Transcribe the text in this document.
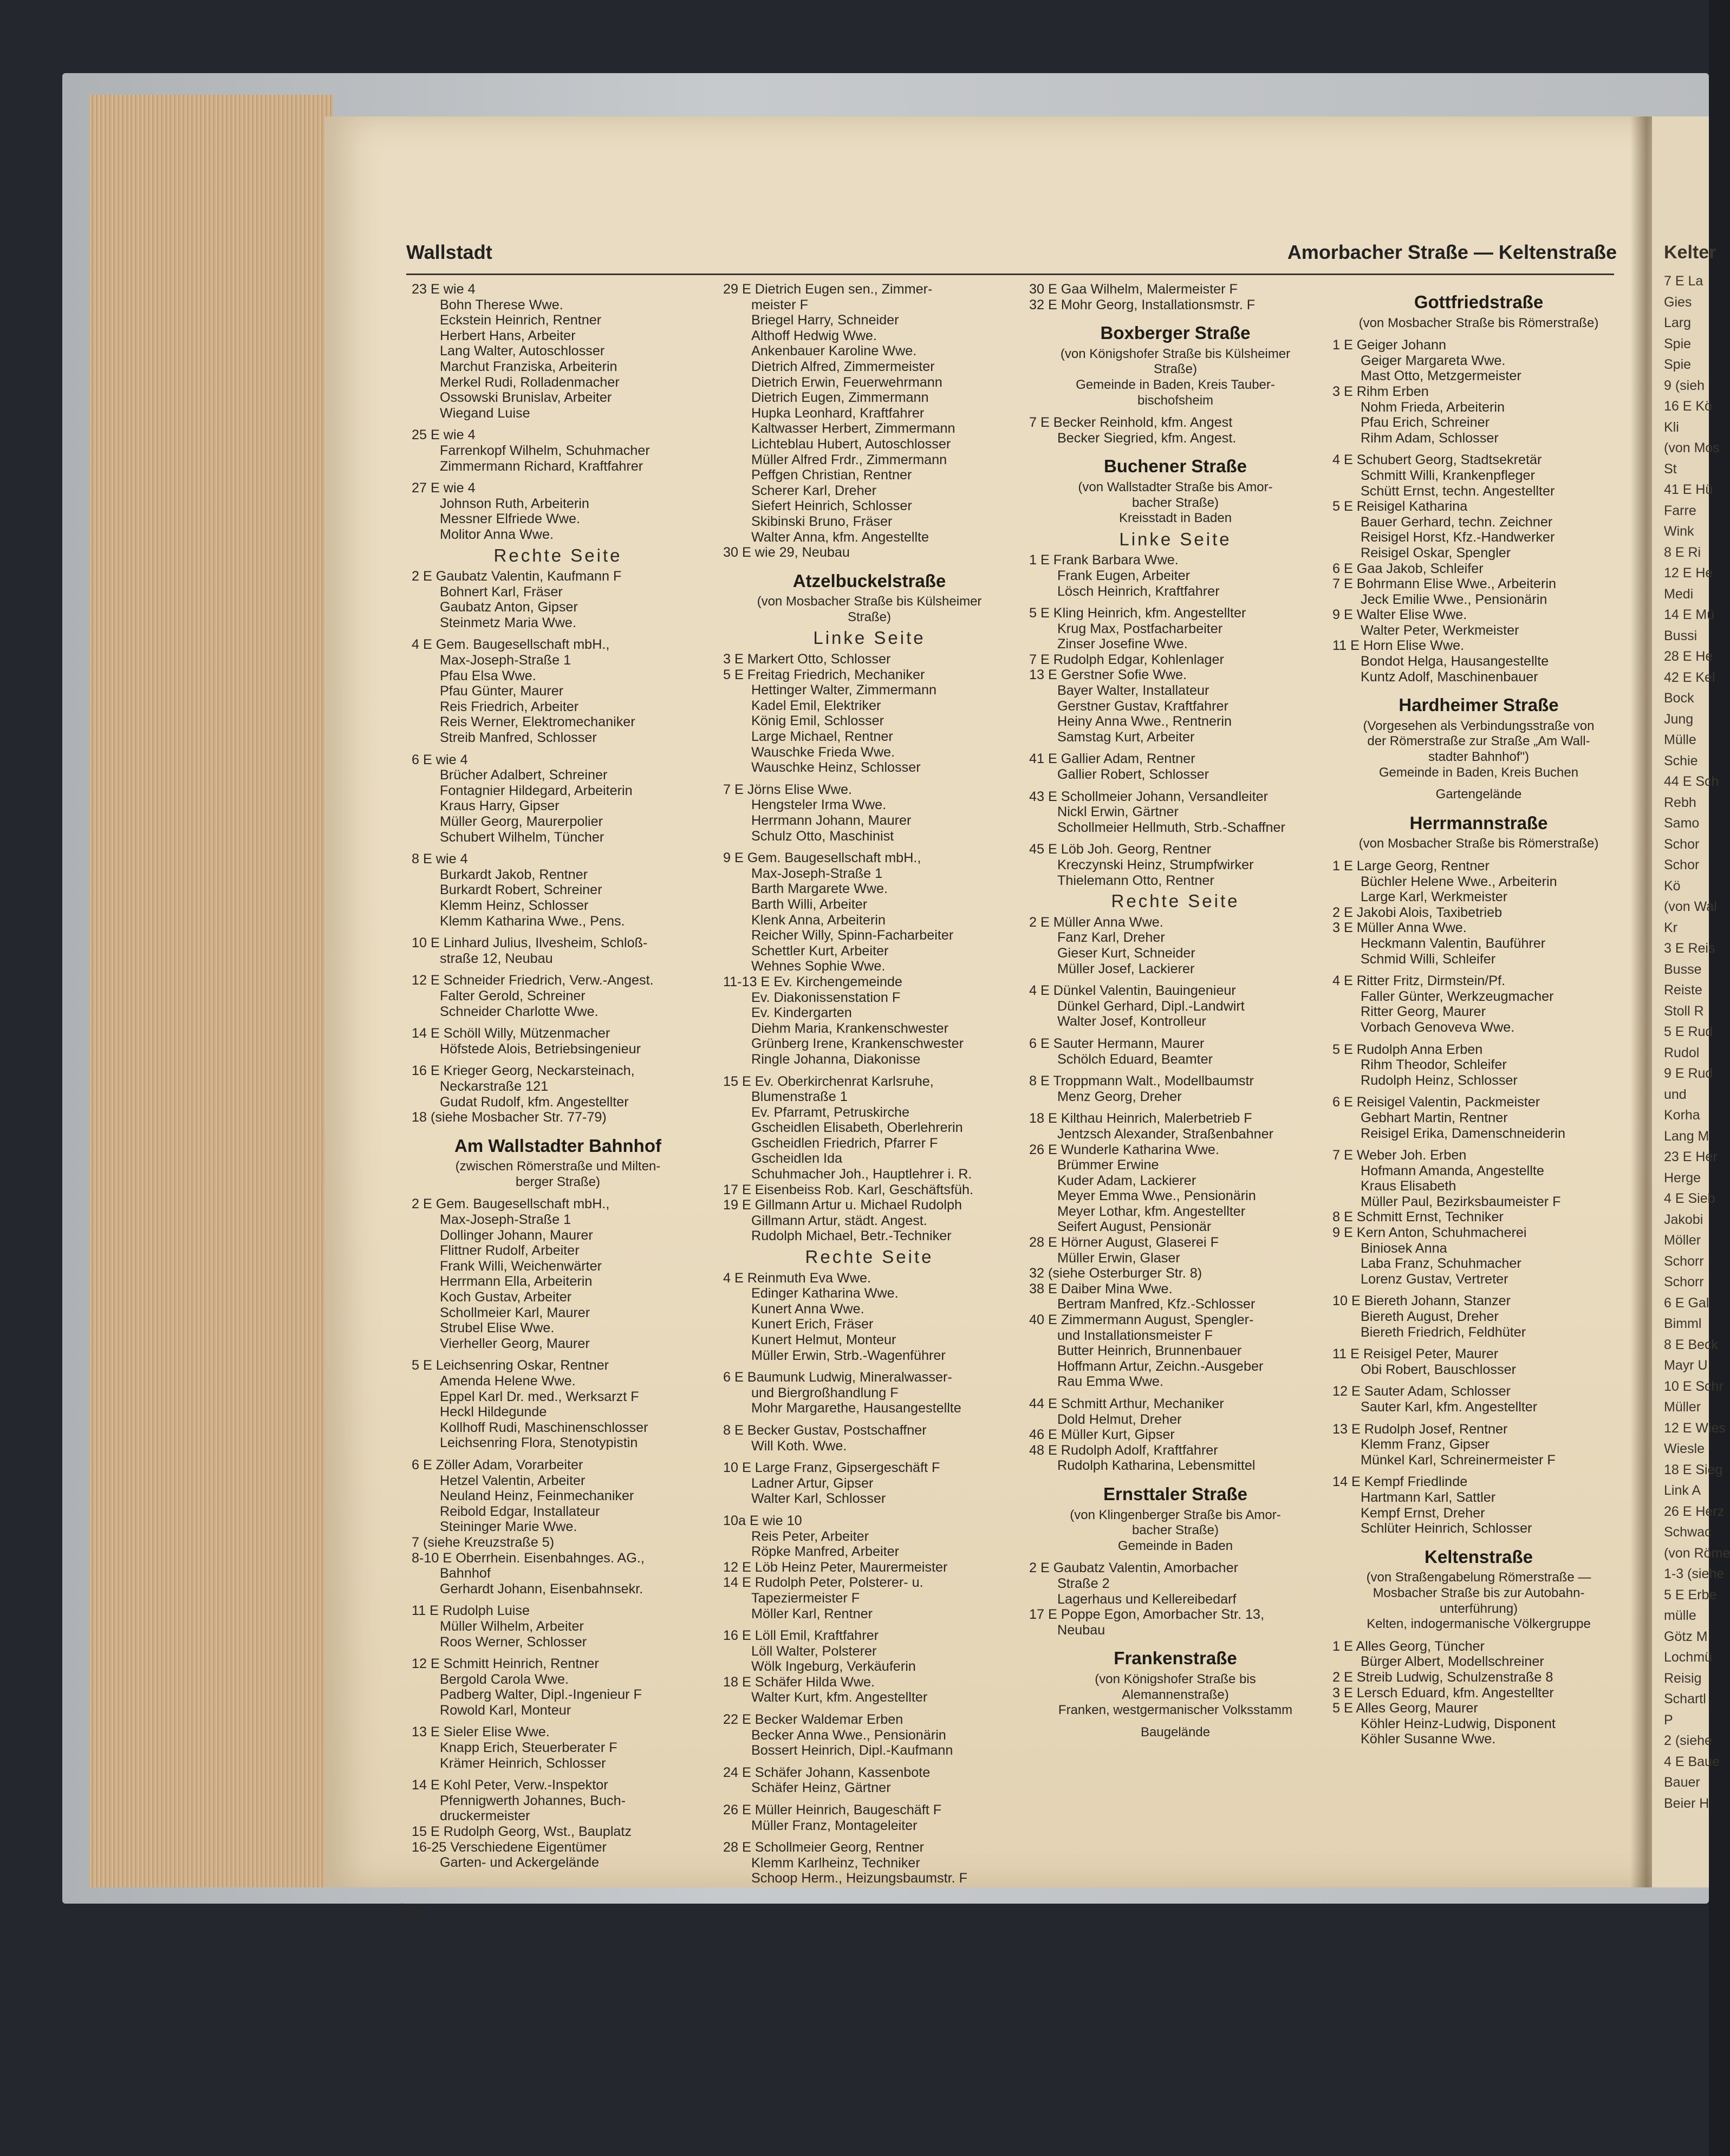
Kelter
7 E La
Gies
Larg
Spie
Spie
9 (sieh
16 E Kö
Kli
(von Mos
St
41 E Hü
Farre
Wink
8 E Ri
12 E He
Medi
14 E Mü
Bussi
28 E He
42 E Kel
Bock
Jung
Mülle
Schie
44 E Sch
Rebh
Samo
Schor
Schor
Kö
(von Wal
Kr
3 E Reis
Busse
Reiste
Stoll R
5 E Rud
Rudol
9 E Rud
und
Korha
Lang M
23 E Her
Herge
4 E Sieb
Jakobi
Möller
Schorr
Schorr
6 E Gal
Bimml
8 E Beck
Mayr U
10 E Schr
Müller
12 E Wies
Wiesle
18 E Sieg
Link A
26 E Herz
Schwac
(von Röme
1-3 (siehe
5 E Erbe
mülle
Götz M
Lochmü
Reisig
Schartl
P
2 (siehe
4 E Baue
Bauer
Beier H
Wallstadt	Amorbacher Straße — Keltenstraße
23 E wie 4
Bohn Therese Wwe.
Eckstein Heinrich, Rentner
Herbert Hans, Arbeiter
Lang Walter, Autoschlosser
Marchut Franziska, Arbeiterin
Merkel Rudi, Rolladenmacher
Ossowski Brunislav, Arbeiter
Wiegand Luise
25 E wie 4
Farrenkopf Wilhelm, Schuhmacher
Zimmermann Richard, Kraftfahrer
27 E wie 4
Johnson Ruth, Arbeiterin
Messner Elfriede Wwe.
Molitor Anna Wwe.
Rechte Seite
2 E Gaubatz Valentin, Kaufmann F
Bohnert Karl, Fräser
Gaubatz Anton, Gipser
Steinmetz Maria Wwe.
4 E Gem. Baugesellschaft mbH.,
Max-Joseph-Straße 1
Pfau Elsa Wwe.
Pfau Günter, Maurer
Reis Friedrich, Arbeiter
Reis Werner, Elektromechaniker
Streib Manfred, Schlosser
6 E wie 4
Brücher Adalbert, Schreiner
Fontagnier Hildegard, Arbeiterin
Kraus Harry, Gipser
Müller Georg, Maurerpolier
Schubert Wilhelm, Tüncher
8 E wie 4
Burkardt Jakob, Rentner
Burkardt Robert, Schreiner
Klemm Heinz, Schlosser
Klemm Katharina Wwe., Pens.
10 E Linhard Julius, Ilvesheim, Schloß-
straße 12, Neubau
12 E Schneider Friedrich, Verw.-Angest.
Falter Gerold, Schreiner
Schneider Charlotte Wwe.
14 E Schöll Willy, Mützenmacher
Höfstede Alois, Betriebsingenieur
16 E Krieger Georg, Neckarsteinach,
Neckarstraße 121
Gudat Rudolf, kfm. Angestellter
18 (siehe Mosbacher Str. 77-79)
Am Wallstadter Bahnhof
(zwischen Römerstraße und Milten-
berger Straße)
2 E Gem. Baugesellschaft mbH.,
Max-Joseph-Straße 1
Dollinger Johann, Maurer
Flittner Rudolf, Arbeiter
Frank Willi, Weichenwärter
Herrmann Ella, Arbeiterin
Koch Gustav, Arbeiter
Schollmeier Karl, Maurer
Strubel Elise Wwe.
Vierheller Georg, Maurer
5 E Leichsenring Oskar, Rentner
Amenda Helene Wwe.
Eppel Karl Dr. med., Werksarzt F
Heckl Hildegunde
Kollhoff Rudi, Maschinenschlosser
Leichsenring Flora, Stenotypistin
6 E Zöller Adam, Vorarbeiter
Hetzel Valentin, Arbeiter
Neuland Heinz, Feinmechaniker
Reibold Edgar, Installateur
Steininger Marie Wwe.
7 (siehe Kreuzstraße 5)
8-10 E Oberrhein. Eisenbahnges. AG.,
Bahnhof
Gerhardt Johann, Eisenbahnsekr.
11 E Rudolph Luise
Müller Wilhelm, Arbeiter
Roos Werner, Schlosser
12 E Schmitt Heinrich, Rentner
Bergold Carola Wwe.
Padberg Walter, Dipl.-Ingenieur F
Rowold Karl, Monteur
13 E Sieler Elise Wwe.
Knapp Erich, Steuerberater F
Krämer Heinrich, Schlosser
14 E Kohl Peter, Verw.-Inspektor
Pfennigwerth Johannes, Buch-
druckermeister
15 E Rudolph Georg, Wst., Bauplatz
16-25 Verschiedene Eigentümer
Garten- und Ackergelände
29 E Dietrich Eugen sen., Zimmer-
meister F
Briegel Harry, Schneider
Althoff Hedwig Wwe.
Ankenbauer Karoline Wwe.
Dietrich Alfred, Zimmermeister
Dietrich Erwin, Feuerwehrmann
Dietrich Eugen, Zimmermann
Hupka Leonhard, Kraftfahrer
Kaltwasser Herbert, Zimmermann
Lichteblau Hubert, Autoschlosser
Müller Alfred Frdr., Zimmermann
Peffgen Christian, Rentner
Scherer Karl, Dreher
Siefert Heinrich, Schlosser
Skibinski Bruno, Fräser
Walter Anna, kfm. Angestellte
30 E wie 29, Neubau
Atzelbuckelstraße
(von Mosbacher Straße bis Külsheimer
Straße)
Linke Seite
3 E Markert Otto, Schlosser
5 E Freitag Friedrich, Mechaniker
Hettinger Walter, Zimmermann
Kadel Emil, Elektriker
König Emil, Schlosser
Large Michael, Rentner
Wauschke Frieda Wwe.
Wauschke Heinz, Schlosser
7 E Jörns Elise Wwe.
Hengsteler Irma Wwe.
Herrmann Johann, Maurer
Schulz Otto, Maschinist
9 E Gem. Baugesellschaft mbH.,
Max-Joseph-Straße 1
Barth Margarete Wwe.
Barth Willi, Arbeiter
Klenk Anna, Arbeiterin
Reicher Willy, Spinn-Facharbeiter
Schettler Kurt, Arbeiter
Wehnes Sophie Wwe.
11-13 E Ev. Kirchengemeinde
Ev. Diakonissenstation F
Ev. Kindergarten
Diehm Maria, Krankenschwester
Grünberg Irene, Krankenschwester
Ringle Johanna, Diakonisse
15 E Ev. Oberkirchenrat Karlsruhe,
Blumenstraße 1
Ev. Pfarramt, Petruskirche
Gscheidlen Elisabeth, Oberlehrerin
Gscheidlen Friedrich, Pfarrer F
Gscheidlen Ida
Schuhmacher Joh., Hauptlehrer i. R.
17 E Eisenbeiss Rob. Karl, Geschäftsfüh.
19 E Gillmann Artur u. Michael Rudolph
Gillmann Artur, städt. Angest.
Rudolph Michael, Betr.-Techniker
Rechte Seite
4 E Reinmuth Eva Wwe.
Edinger Katharina Wwe.
Kunert Anna Wwe.
Kunert Erich, Fräser
Kunert Helmut, Monteur
Müller Erwin, Strb.-Wagenführer
6 E Baumunk Ludwig, Mineralwasser-
und Biergroßhandlung F
Mohr Margarethe, Hausangestellte
8 E Becker Gustav, Postschaffner
Will Koth. Wwe.
10 E Large Franz, Gipsergeschäft F
Ladner Artur, Gipser
Walter Karl, Schlosser
10a E wie 10
Reis Peter, Arbeiter
Röpke Manfred, Arbeiter
12 E Löb Heinz Peter, Maurermeister
14 E Rudolph Peter, Polsterer- u.
Tapeziermeister F
Möller Karl, Rentner
16 E Löll Emil, Kraftfahrer
Löll Walter, Polsterer
Wölk Ingeburg, Verkäuferin
18 E Schäfer Hilda Wwe.
Walter Kurt, kfm. Angestellter
22 E Becker Waldemar Erben
Becker Anna Wwe., Pensionärin
Bossert Heinrich, Dipl.-Kaufmann
24 E Schäfer Johann, Kassenbote
Schäfer Heinz, Gärtner
26 E Müller Heinrich, Baugeschäft F
Müller Franz, Montageleiter
28 E Schollmeier Georg, Rentner
Klemm Karlheinz, Techniker
Schoop Herm., Heizungsbaumstr. F
30 E Gaa Wilhelm, Malermeister F
32 E Mohr Georg, Installationsmstr. F
Boxberger Straße
(von Königshofer Straße bis Külsheimer
Straße)
Gemeinde in Baden, Kreis Tauber-
bischofsheim
7 E Becker Reinhold, kfm. Angest
Becker Siegried, kfm. Angest.
Buchener Straße
(von Wallstadter Straße bis Amor-
bacher Straße)
Kreisstadt in Baden
Linke Seite
1 E Frank Barbara Wwe.
Frank Eugen, Arbeiter
Lösch Heinrich, Kraftfahrer
5 E Kling Heinrich, kfm. Angestellter
Krug Max, Postfacharbeiter
Zinser Josefine Wwe.
7 E Rudolph Edgar, Kohlenlager
13 E Gerstner Sofie Wwe.
Bayer Walter, Installateur
Gerstner Gustav, Kraftfahrer
Heiny Anna Wwe., Rentnerin
Samstag Kurt, Arbeiter
41 E Gallier Adam, Rentner
Gallier Robert, Schlosser
43 E Schollmeier Johann, Versandleiter
Nickl Erwin, Gärtner
Schollmeier Hellmuth, Strb.-Schaffner
45 E Löb Joh. Georg, Rentner
Kreczynski Heinz, Strumpfwirker
Thielemann Otto, Rentner
Rechte Seite
2 E Müller Anna Wwe.
Fanz Karl, Dreher
Gieser Kurt, Schneider
Müller Josef, Lackierer
4 E Dünkel Valentin, Bauingenieur
Dünkel Gerhard, Dipl.-Landwirt
Walter Josef, Kontrolleur
6 E Sauter Hermann, Maurer
Schölch Eduard, Beamter
8 E Troppmann Walt., Modellbaumstr
Menz Georg, Dreher
18 E Kilthau Heinrich, Malerbetrieb F
Jentzsch Alexander, Straßenbahner
26 E Wunderle Katharina Wwe.
Brümmer Erwine
Kuder Adam, Lackierer
Meyer Emma Wwe., Pensionärin
Meyer Lothar, kfm. Angestellter
Seifert August, Pensionär
28 E Hörner August, Glaserei F
Müller Erwin, Glaser
32 (siehe Osterburger Str. 8)
38 E Daiber Mina Wwe.
Bertram Manfred, Kfz.-Schlosser
40 E Zimmermann August, Spengler-
und Installationsmeister F
Butter Heinrich, Brunnenbauer
Hoffmann Artur, Zeichn.-Ausgeber
Rau Emma Wwe.
44 E Schmitt Arthur, Mechaniker
Dold Helmut, Dreher
46 E Müller Kurt, Gipser
48 E Rudolph Adolf, Kraftfahrer
Rudolph Katharina, Lebensmittel
Ernsttaler Straße
(von Klingenberger Straße bis Amor-
bacher Straße)
Gemeinde in Baden
2 E Gaubatz Valentin, Amorbacher
Straße 2
Lagerhaus und Kellereibedarf
17 E Poppe Egon, Amorbacher Str. 13,
Neubau
Frankenstraße
(von Königshofer Straße bis
Alemannenstraße)
Franken, westgermanischer Volksstamm
Baugelände
Gottfriedstraße
(von Mosbacher Straße bis Römerstraße)
1 E Geiger Johann
Geiger Margareta Wwe.
Mast Otto, Metzgermeister
3 E Rihm Erben
Nohm Frieda, Arbeiterin
Pfau Erich, Schreiner
Rihm Adam, Schlosser
4 E Schubert Georg, Stadtsekretär
Schmitt Willi, Krankenpfleger
Schütt Ernst, techn. Angestellter
5 E Reisigel Katharina
Bauer Gerhard, techn. Zeichner
Reisigel Horst, Kfz.-Handwerker
Reisigel Oskar, Spengler
6 E Gaa Jakob, Schleifer
7 E Bohrmann Elise Wwe., Arbeiterin
Jeck Emilie Wwe., Pensionärin
9 E Walter Elise Wwe.
Walter Peter, Werkmeister
11 E Horn Elise Wwe.
Bondot Helga, Hausangestellte
Kuntz Adolf, Maschinenbauer
Hardheimer Straße
(Vorgesehen als Verbindungsstraße von
der Römerstraße zur Straße „Am Wall-
stadter Bahnhof")
Gemeinde in Baden, Kreis Buchen
Gartengelände
Herrmannstraße
(von Mosbacher Straße bis Römerstraße)
1 E Large Georg, Rentner
Büchler Helene Wwe., Arbeiterin
Large Karl, Werkmeister
2 E Jakobi Alois, Taxibetrieb
3 E Müller Anna Wwe.
Heckmann Valentin, Bauführer
Schmid Willi, Schleifer
4 E Ritter Fritz, Dirmstein/Pf.
Faller Günter, Werkzeugmacher
Ritter Georg, Maurer
Vorbach Genoveva Wwe.
5 E Rudolph Anna Erben
Rihm Theodor, Schleifer
Rudolph Heinz, Schlosser
6 E Reisigel Valentin, Packmeister
Gebhart Martin, Rentner
Reisigel Erika, Damenschneiderin
7 E Weber Joh. Erben
Hofmann Amanda, Angestellte
Kraus Elisabeth
Müller Paul, Bezirksbaumeister F
8 E Schmitt Ernst, Techniker
9 E Kern Anton, Schuhmacherei
Biniosek Anna
Laba Franz, Schuhmacher
Lorenz Gustav, Vertreter
10 E Biereth Johann, Stanzer
Biereth August, Dreher
Biereth Friedrich, Feldhüter
11 E Reisigel Peter, Maurer
Obi Robert, Bauschlosser
12 E Sauter Adam, Schlosser
Sauter Karl, kfm. Angestellter
13 E Rudolph Josef, Rentner
Klemm Franz, Gipser
Münkel Karl, Schreinermeister F
14 E Kempf Friedlinde
Hartmann Karl, Sattler
Kempf Ernst, Dreher
Schlüter Heinrich, Schlosser
Keltenstraße
(von Straßengabelung Römerstraße —
Mosbacher Straße bis zur Autobahn-
unterführung)
Kelten, indogermanische Völkergruppe
1 E Alles Georg, Tüncher
Bürger Albert, Modellschreiner
2 E Streib Ludwig, Schulzenstraße 8
3 E Lersch Eduard, kfm. Angestellter
5 E Alles Georg, Maurer
Köhler Heinz-Ludwig, Disponent
Köhler Susanne Wwe.
214
